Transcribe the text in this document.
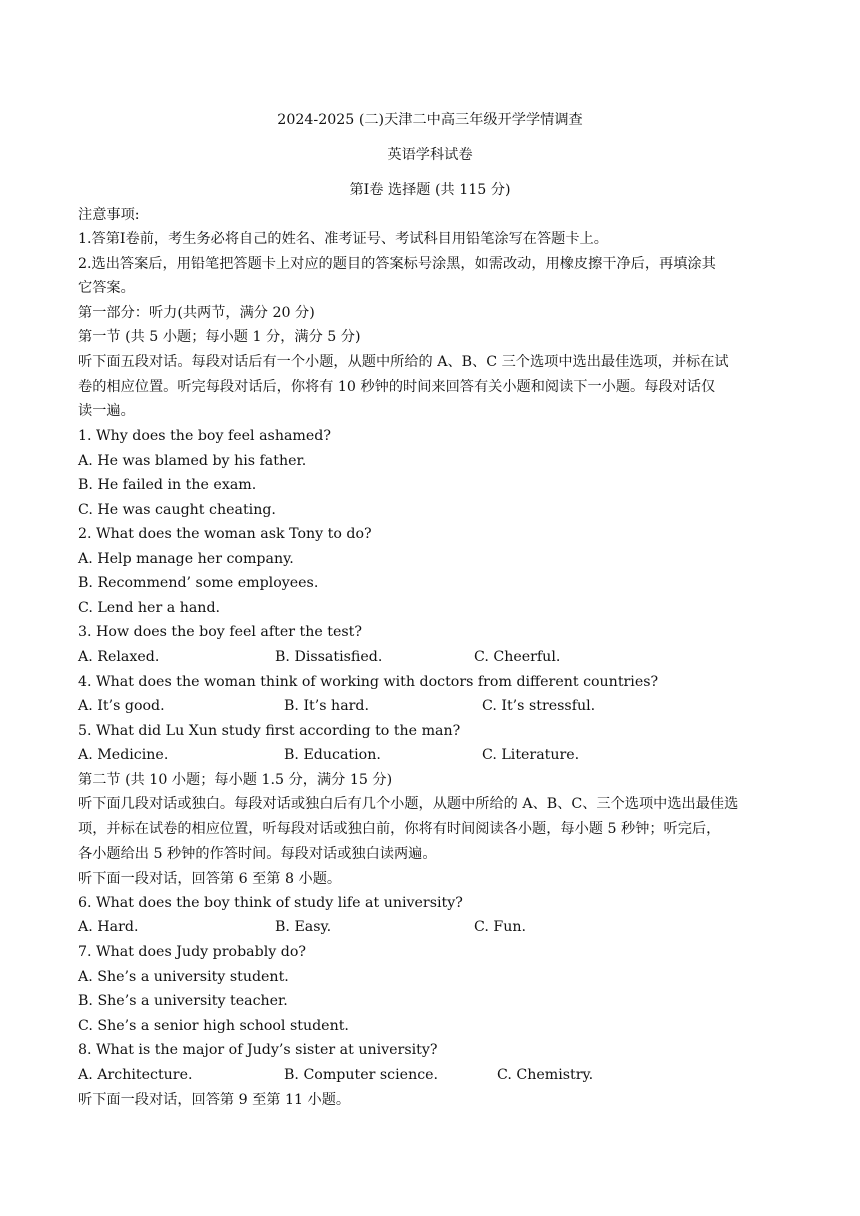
2024-2025 (二)天津二中高三年级开学学情调查
英语学科试卷
第Ⅰ卷 选择题 (共 115 分)
注意事项:
1.答第Ⅰ卷前，考生务必将自己的姓名、准考证号、考试科目用铅笔涂写在答题卡上。
2.选出答案后，用铅笔把答题卡上对应的题目的答案标号涂黑，如需改动，用橡皮擦干净后，再填涂其
它答案。
第一部分：听力(共两节，满分 20 分)
第一节 (共 5 小题；每小题 1 分，满分 5 分)
听下面五段对话。每段对话后有一个小题，从题中所给的 A、B、C 三个选项中选出最佳选项，并标在试
卷的相应位置。听完每段对话后，你将有 10 秒钟的时间来回答有关小题和阅读下一小题。每段对话仅
读一遍。
1. Why does the boy feel ashamed?
A. He was blamed by his father.
B. He failed in the exam.
C. He was caught cheating.
2. What does the woman ask Tony to do?
A. Help manage her company.
B. Recommend’ some employees.
C. Lend her a hand.
3. How does the boy feel after the test?
A. Relaxed.	B. Dissatisfied.	C. Cheerful.
4. What does the woman think of working with doctors from different countries?
A. It’s good.	B. It’s hard.	C. It’s stressful.
5. What did Lu Xun study first according to the man?
A. Medicine.	B. Education.	C. Literature.
第二节 (共 10 小题；每小题 1.5 分，满分 15 分)
听下面几段对话或独白。每段对话或独白后有几个小题，从题中所给的 A、B、C、三个选项中选出最佳选
项，并标在试卷的相应位置，听每段对话或独白前，你将有时间阅读各小题，每小题 5 秒钟；听完后，
各小题给出 5 秒钟的作答时间。每段对话或独白读两遍。
听下面一段对话，回答第 6 至第 8 小题。
6. What does the boy think of study life at university?
A. Hard.	B. Easy.	C. Fun.
7. What does Judy probably do?
A. She’s a university student.
B. She’s a university teacher.
C. She’s a senior high school student.
8. What is the major of Judy’s sister at university?
A. Architecture.	B. Computer science.	C. Chemistry.
听下面一段对话，回答第 9 至第 11 小题。
